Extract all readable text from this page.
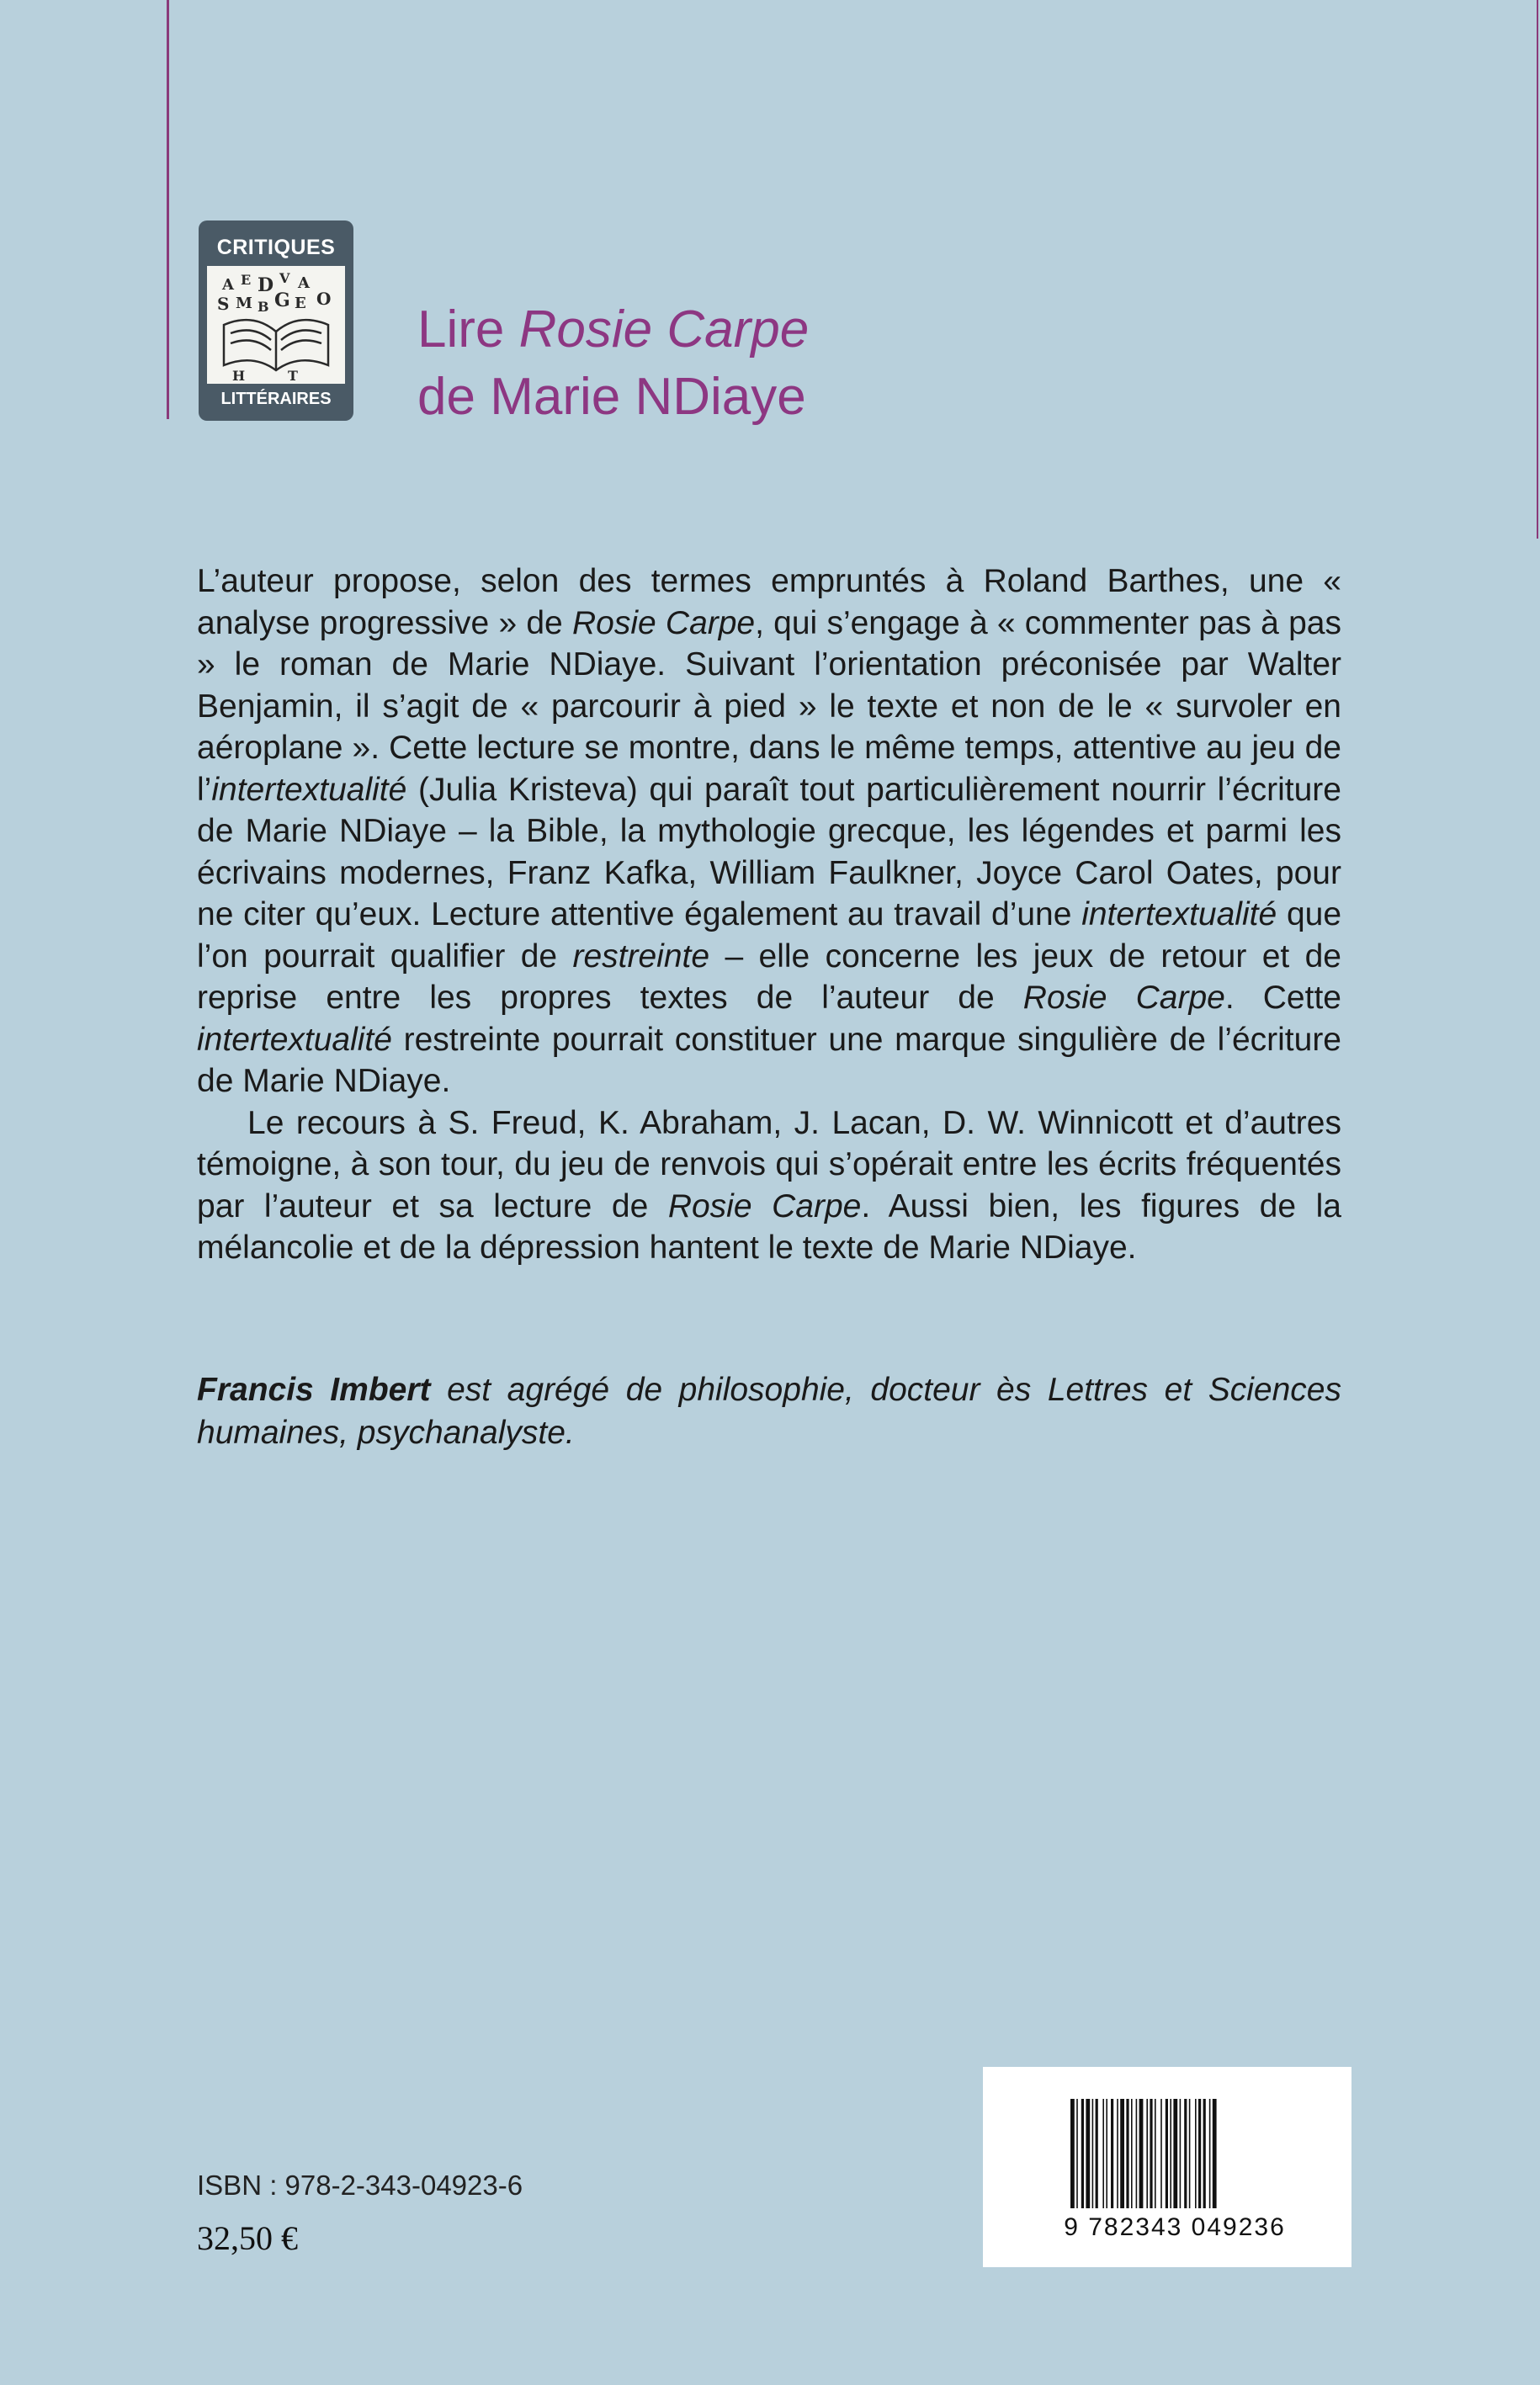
CRITIQUES
A E D V A
S M B G E O
H	T
LITTÉRAIRES
Lire Rosie Carpe
de Marie NDiaye

L’auteur propose, selon des termes empruntés à Roland Barthes, une « analyse progressive » de Rosie Carpe, qui s’engage à « commenter pas à pas » le roman de Marie NDiaye. Suivant l’orientation préconisée par Walter Benjamin, il s’agit de « parcourir à pied » le texte et non de le « survoler en aéroplane ». Cette lecture se montre, dans le même temps, attentive au jeu de l’intertextualité (Julia Kristeva) qui paraît tout particulièrement nourrir l’écriture de Marie NDiaye – la Bible, la mythologie grecque, les légendes et parmi les écrivains modernes, Franz Kafka, William Faulkner, Joyce Carol Oates, pour ne citer qu’eux. Lecture attentive également au travail d’une intertextualité que l’on pourrait qualifier de restreinte – elle concerne les jeux de retour et de reprise entre les propres textes de l’auteur de Rosie Carpe. Cette intertextualité restreinte pourrait constituer une marque singulière de l’écriture de Marie NDiaye.

Le recours à S. Freud, K. Abraham, J. Lacan, D. W. Winnicott et d’autres témoigne, à son tour, du jeu de renvois qui s’opérait entre les écrits fréquentés par l’auteur et sa lecture de Rosie Carpe. Aussi bien, les figures de la mélancolie et de la dépression hantent le texte de Marie NDiaye.

Francis Imbert est agrégé de philosophie, docteur ès Lettres et Sciences humaines, psychanalyste.
ISBN : 978-2-343-04923-6
32,50 €	9 782343 049236
